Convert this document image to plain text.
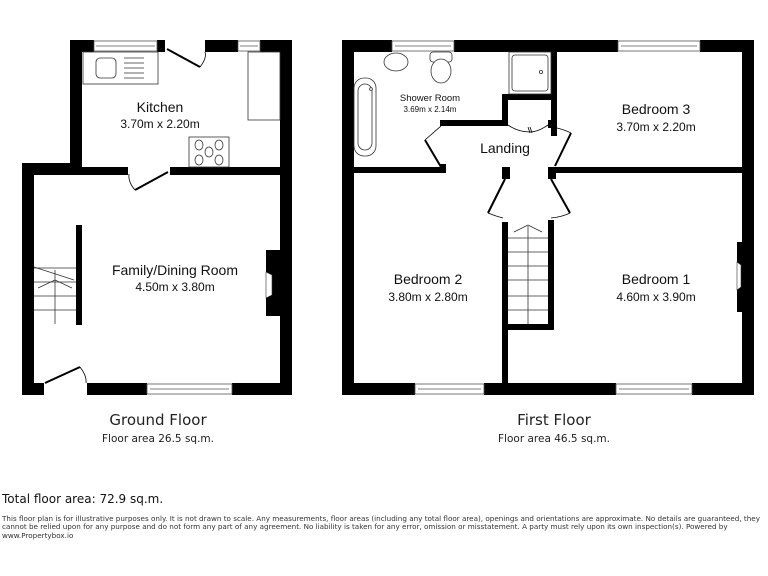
Kitchen
3.70m x 2.20m
Family/Dining Room
4.50m x 3.80m
Shower Room
3.69m x 2.14m
Landing
Bedroom 3
3.70m x 2.20m
Bedroom 2
3.80m x 2.80m
Bedroom 1
4.60m x 3.90m
Ground Floor
Floor area 26.5 sq.m.
First Floor
Floor area 46.5 sq.m.
Total floor area: 72.9 sq.m.
This floor plan is for illustrative purposes only. It is not drawn to scale. Any measurements, floor areas (including any total floor area), openings and orientations are approximate. No details are guaranteed, they cannot be relied upon for any purpose and do not form any part of any agreement. No liability is taken for any error, omission or misstatement. A party must rely upon its own inspection(s). Powered by www.Propertybox.io
